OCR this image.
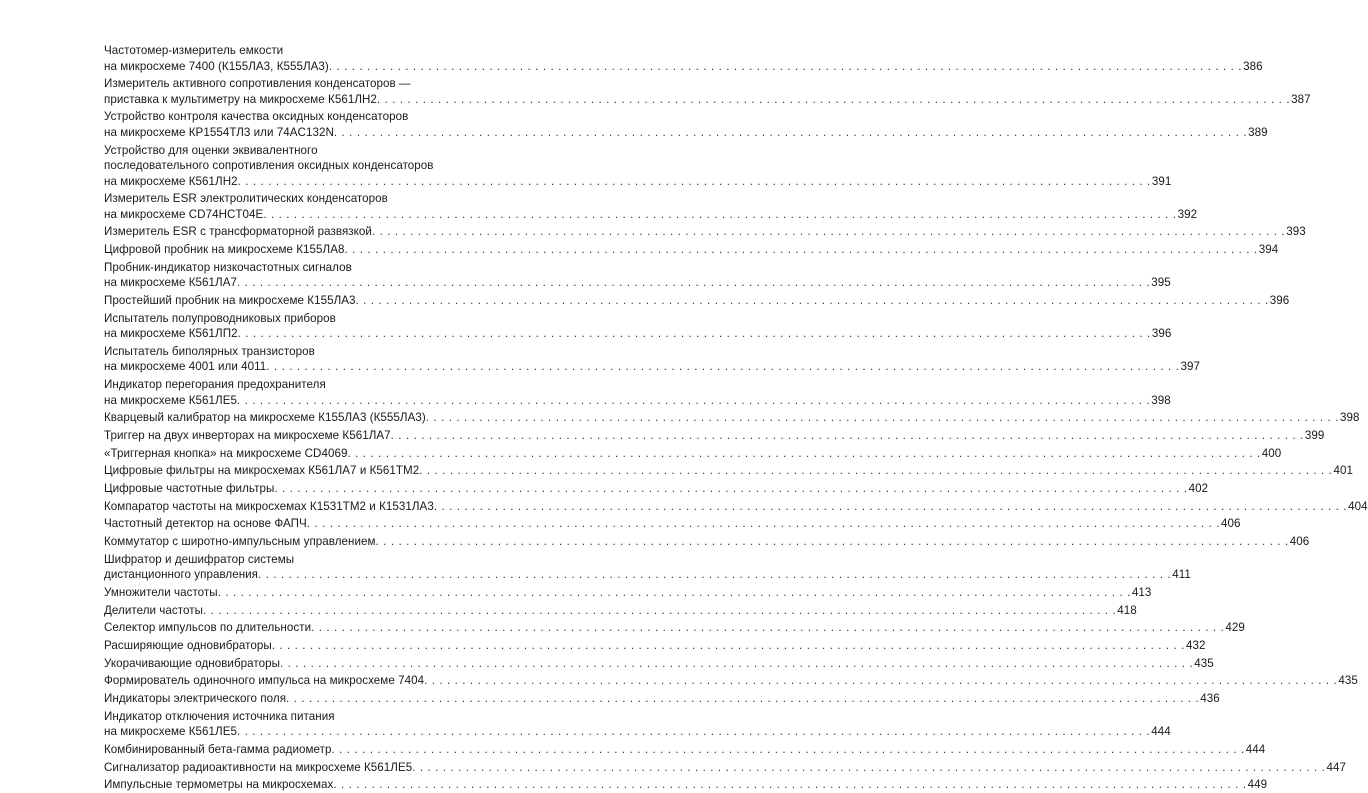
Частотомер-измеритель емкости
на микросхеме 7400 (К155ЛА3, К555ЛА3) . . . . . . . . . . . . . . . . . . . . . . . . . . . . . . . . . . . . . . . . . . . . . . . . . . . . . . . . . . . . . . . . . . . . . . . . . . . . . . . . . . . . . . . . . . . . . . . . . . . . . . . . . . . . . . . . . . . . . . . . 386
Измеритель активного сопротивления конденсаторов —
приставка к мультиметру на микросхеме К561ЛН2 . . . . . . . . . . . . . . . . . . . . . . . . . . . . . . . . . . . . . . . . . . . . . . . . . . . . . . . . . . . . . . . . . . . . . . . . . . . . . . . . . . . . . . . . . . . . . . . . . . . . . . . . . . . . . . . . . . . . . . . . 387
Устройство контроля качества оксидных конденсаторов
на микросхеме КР1554ТЛ3 или 74AC132N . . . . . . . . . . . . . . . . . . . . . . . . . . . . . . . . . . . . . . . . . . . . . . . . . . . . . . . . . . . . . . . . . . . . . . . . . . . . . . . . . . . . . . . . . . . . . . . . . . . . . . . . . . . . . . . . . . . . . . . . 389
Устройство для оценки эквивалентного
последовательного сопротивления оксидных конденсаторов
на микросхеме К561ЛН2 . . . . . . . . . . . . . . . . . . . . . . . . . . . . . . . . . . . . . . . . . . . . . . . . . . . . . . . . . . . . . . . . . . . . . . . . . . . . . . . . . . . . . . . . . . . . . . . . . . . . . . . . . . . . . . . . . . . . . . . . 391
Измеритель ESR электролитических конденсаторов
на микросхеме CD74HCT04E . . . . . . . . . . . . . . . . . . . . . . . . . . . . . . . . . . . . . . . . . . . . . . . . . . . . . . . . . . . . . . . . . . . . . . . . . . . . . . . . . . . . . . . . . . . . . . . . . . . . . . . . . . . . . . . . . . . . . . . . 392
Измеритель ESR с трансформаторной развязкой . . . . . . . . . . . . . . . . . . . . . . . . . . . . . . . . . . . . . . . . . . . . . . . . . . . . . . . . . . . . . . . . . . . . . . . . . . . . . . . . . . . . . . . . . . . . . . . . . . . . . . . . . . . . . . . . . . . . . . . . 393
Цифровой пробник на микросхеме К155ЛА8 . . . . . . . . . . . . . . . . . . . . . . . . . . . . . . . . . . . . . . . . . . . . . . . . . . . . . . . . . . . . . . . . . . . . . . . . . . . . . . . . . . . . . . . . . . . . . . . . . . . . . . . . . . . . . . . . . . . . . . . . 394
Пробник-индикатор низкочастотных сигналов
на микросхеме К561ЛА7 . . . . . . . . . . . . . . . . . . . . . . . . . . . . . . . . . . . . . . . . . . . . . . . . . . . . . . . . . . . . . . . . . . . . . . . . . . . . . . . . . . . . . . . . . . . . . . . . . . . . . . . . . . . . . . . . . . . . . . . . 395
Простейший пробник на микросхеме К155ЛА3 . . . . . . . . . . . . . . . . . . . . . . . . . . . . . . . . . . . . . . . . . . . . . . . . . . . . . . . . . . . . . . . . . . . . . . . . . . . . . . . . . . . . . . . . . . . . . . . . . . . . . . . . . . . . . . . . . . . . . . . . 396
Испытатель полупроводниковых приборов
на микросхеме К561ЛП2 . . . . . . . . . . . . . . . . . . . . . . . . . . . . . . . . . . . . . . . . . . . . . . . . . . . . . . . . . . . . . . . . . . . . . . . . . . . . . . . . . . . . . . . . . . . . . . . . . . . . . . . . . . . . . . . . . . . . . . . . 396
Испытатель биполярных транзисторов
на микросхеме 4001 или 4011 . . . . . . . . . . . . . . . . . . . . . . . . . . . . . . . . . . . . . . . . . . . . . . . . . . . . . . . . . . . . . . . . . . . . . . . . . . . . . . . . . . . . . . . . . . . . . . . . . . . . . . . . . . . . . . . . . . . . . . . . 397
Индикатор перегорания предохранителя
на микросхеме К561ЛЕ5 . . . . . . . . . . . . . . . . . . . . . . . . . . . . . . . . . . . . . . . . . . . . . . . . . . . . . . . . . . . . . . . . . . . . . . . . . . . . . . . . . . . . . . . . . . . . . . . . . . . . . . . . . . . . . . . . . . . . . . . . 398
Кварцевый калибратор на микросхеме К155ЛА3 (К555ЛА3) . . . . . . . . . . . . . . . . . . . . . . . . . . . . . . . . . . . . . . . . . . . . . . . . . . . . . . . . . . . . . . . . . . . . . . . . . . . . . . . . . . . . . . . . . . . . . . . . . . . . . . . . . . . . . . . . . . . . . . . . 398
Триггер на двух инверторах на микросхеме К561ЛА7 . . . . . . . . . . . . . . . . . . . . . . . . . . . . . . . . . . . . . . . . . . . . . . . . . . . . . . . . . . . . . . . . . . . . . . . . . . . . . . . . . . . . . . . . . . . . . . . . . . . . . . . . . . . . . . . . . . . . . . . . 399
«Триггерная кнопка» на микросхеме CD4069 . . . . . . . . . . . . . . . . . . . . . . . . . . . . . . . . . . . . . . . . . . . . . . . . . . . . . . . . . . . . . . . . . . . . . . . . . . . . . . . . . . . . . . . . . . . . . . . . . . . . . . . . . . . . . . . . . . . . . . . . 400
Цифровые фильтры на микросхемах К561ЛА7 и К561ТМ2 . . . . . . . . . . . . . . . . . . . . . . . . . . . . . . . . . . . . . . . . . . . . . . . . . . . . . . . . . . . . . . . . . . . . . . . . . . . . . . . . . . . . . . . . . . . . . . . . . . . . . . . . . . . . . . . . . . . . . . . . 401
Цифровые частотные фильтры . . . . . . . . . . . . . . . . . . . . . . . . . . . . . . . . . . . . . . . . . . . . . . . . . . . . . . . . . . . . . . . . . . . . . . . . . . . . . . . . . . . . . . . . . . . . . . . . . . . . . . . . . . . . . . . . . . . . . . . . 402
Компаратор частоты на микросхемах К1531ТМ2 и К1531ЛА3 . . . . . . . . . . . . . . . . . . . . . . . . . . . . . . . . . . . . . . . . . . . . . . . . . . . . . . . . . . . . . . . . . . . . . . . . . . . . . . . . . . . . . . . . . . . . . . . . . . . . . . . . . . . . . . . . . . . . . . . . 404
Частотный детектор на основе ФАПЧ . . . . . . . . . . . . . . . . . . . . . . . . . . . . . . . . . . . . . . . . . . . . . . . . . . . . . . . . . . . . . . . . . . . . . . . . . . . . . . . . . . . . . . . . . . . . . . . . . . . . . . . . . . . . . . . . . . . . . . . . 406
Коммутатор с широтно-импульсным управлением . . . . . . . . . . . . . . . . . . . . . . . . . . . . . . . . . . . . . . . . . . . . . . . . . . . . . . . . . . . . . . . . . . . . . . . . . . . . . . . . . . . . . . . . . . . . . . . . . . . . . . . . . . . . . . . . . . . . . . . . 406
Шифратор и дешифратор системы
дистанционного управления . . . . . . . . . . . . . . . . . . . . . . . . . . . . . . . . . . . . . . . . . . . . . . . . . . . . . . . . . . . . . . . . . . . . . . . . . . . . . . . . . . . . . . . . . . . . . . . . . . . . . . . . . . . . . . . . . . . . . . . . 411
Умножители частоты . . . . . . . . . . . . . . . . . . . . . . . . . . . . . . . . . . . . . . . . . . . . . . . . . . . . . . . . . . . . . . . . . . . . . . . . . . . . . . . . . . . . . . . . . . . . . . . . . . . . . . . . . . . . . . . . . . . . . . . . 413
Делители частоты . . . . . . . . . . . . . . . . . . . . . . . . . . . . . . . . . . . . . . . . . . . . . . . . . . . . . . . . . . . . . . . . . . . . . . . . . . . . . . . . . . . . . . . . . . . . . . . . . . . . . . . . . . . . . . . . . . . . . . . . 418
Селектор импульсов по длительности . . . . . . . . . . . . . . . . . . . . . . . . . . . . . . . . . . . . . . . . . . . . . . . . . . . . . . . . . . . . . . . . . . . . . . . . . . . . . . . . . . . . . . . . . . . . . . . . . . . . . . . . . . . . . . . . . . . . . . . . 429
Расширяющие одновибраторы . . . . . . . . . . . . . . . . . . . . . . . . . . . . . . . . . . . . . . . . . . . . . . . . . . . . . . . . . . . . . . . . . . . . . . . . . . . . . . . . . . . . . . . . . . . . . . . . . . . . . . . . . . . . . . . . . . . . . . . . 432
Укорачивающие одновибраторы . . . . . . . . . . . . . . . . . . . . . . . . . . . . . . . . . . . . . . . . . . . . . . . . . . . . . . . . . . . . . . . . . . . . . . . . . . . . . . . . . . . . . . . . . . . . . . . . . . . . . . . . . . . . . . . . . . . . . . . . 435
Формирователь одиночного импульса на микросхеме 7404 . . . . . . . . . . . . . . . . . . . . . . . . . . . . . . . . . . . . . . . . . . . . . . . . . . . . . . . . . . . . . . . . . . . . . . . . . . . . . . . . . . . . . . . . . . . . . . . . . . . . . . . . . . . . . . . . . . . . . . . . 435
Индикаторы электрического поля . . . . . . . . . . . . . . . . . . . . . . . . . . . . . . . . . . . . . . . . . . . . . . . . . . . . . . . . . . . . . . . . . . . . . . . . . . . . . . . . . . . . . . . . . . . . . . . . . . . . . . . . . . . . . . . . . . . . . . . . 436
Индикатор отключения источника питания
на микросхеме К561ЛЕ5 . . . . . . . . . . . . . . . . . . . . . . . . . . . . . . . . . . . . . . . . . . . . . . . . . . . . . . . . . . . . . . . . . . . . . . . . . . . . . . . . . . . . . . . . . . . . . . . . . . . . . . . . . . . . . . . . . . . . . . . . 444
Комбинированный бета-гамма радиометр . . . . . . . . . . . . . . . . . . . . . . . . . . . . . . . . . . . . . . . . . . . . . . . . . . . . . . . . . . . . . . . . . . . . . . . . . . . . . . . . . . . . . . . . . . . . . . . . . . . . . . . . . . . . . . . . . . . . . . . . 444
Сигнализатор радиоактивности на микросхеме К561ЛЕ5 . . . . . . . . . . . . . . . . . . . . . . . . . . . . . . . . . . . . . . . . . . . . . . . . . . . . . . . . . . . . . . . . . . . . . . . . . . . . . . . . . . . . . . . . . . . . . . . . . . . . . . . . . . . . . . . . . . . . . . . . 447
Импульсные термометры на микросхемах . . . . . . . . . . . . . . . . . . . . . . . . . . . . . . . . . . . . . . . . . . . . . . . . . . . . . . . . . . . . . . . . . . . . . . . . . . . . . . . . . . . . . . . . . . . . . . . . . . . . . . . . . . . . . . . . . . . . . . . . 449
